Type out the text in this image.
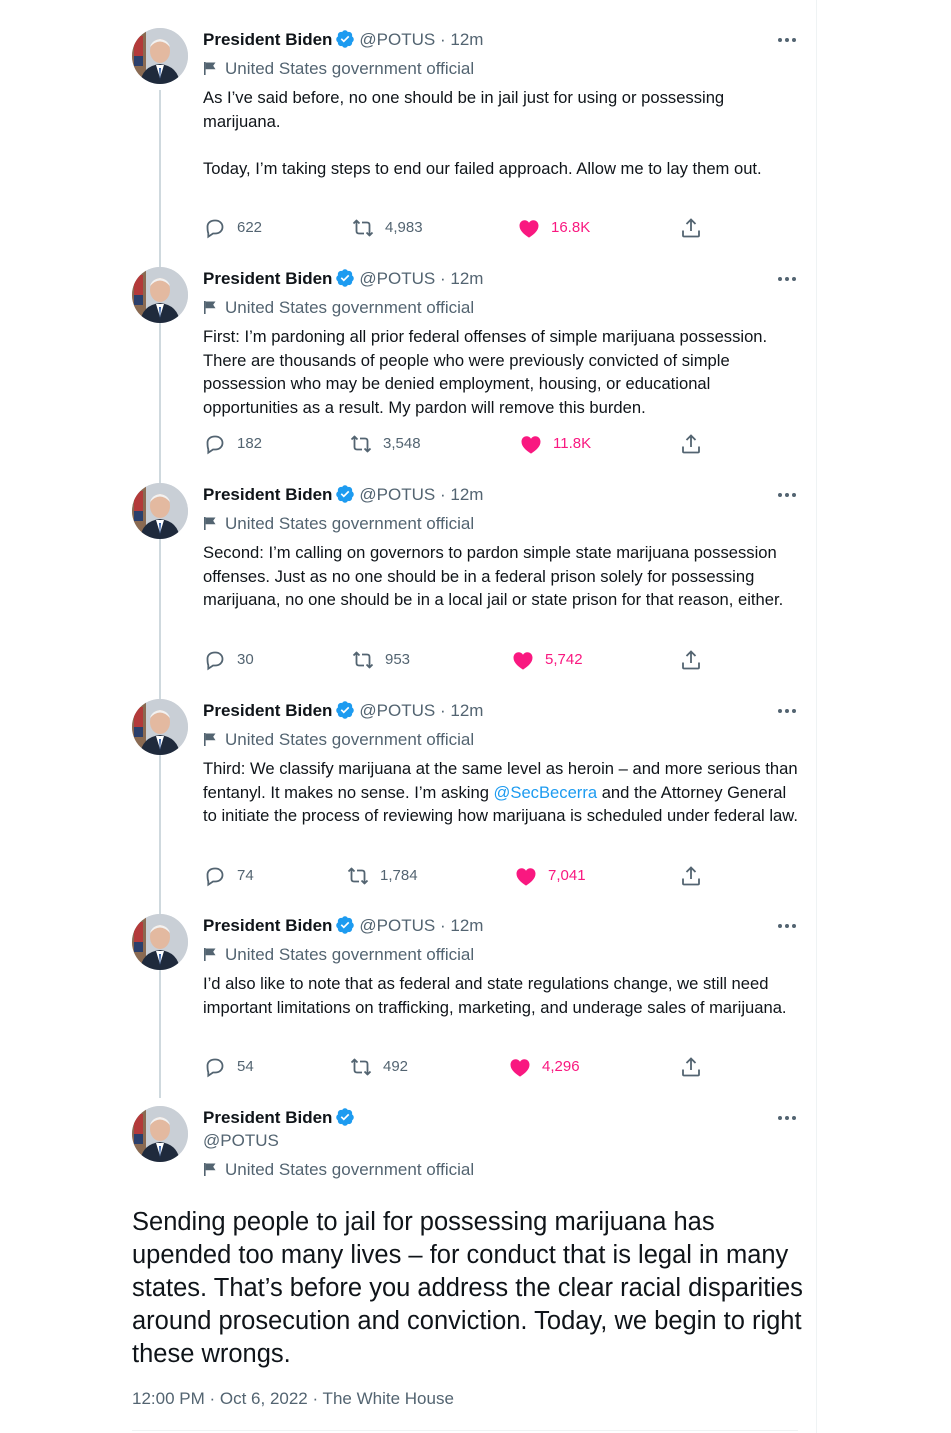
President Biden @POTUS · 12m
United States government official
As I’ve said before, no one should be in jail just for using or possessing marijuana.

Today, I’m taking steps to end our failed approach. Allow me to lay them out.
622	4,983	16.8K
President Biden @POTUS · 12m
United States government official
First: I’m pardoning all prior federal offenses of simple marijuana possession. There are thousands of people who were previously convicted of simple possession who may be denied employment, housing, or educational opportunities as a result. My pardon will remove this burden.
182	3,548	11.8K
President Biden @POTUS · 12m
United States government official
Second: I’m calling on governors to pardon simple state marijuana possession offenses. Just as no one should be in a federal prison solely for possessing marijuana, no one should be in a local jail or state prison for that reason, either.
30	953	5,742
President Biden @POTUS · 12m
United States government official
Third: We classify marijuana at the same level as heroin – and more serious than fentanyl. It makes no sense. I’m asking @SecBecerra and the Attorney General to initiate the process of reviewing how marijuana is scheduled under federal law.
74	1,784	7,041
President Biden @POTUS · 12m
United States government official
I’d also like to note that as federal and state regulations change, we still need important limitations on trafficking, marketing, and underage sales of marijuana.
54	492	4,296
President Biden
@POTUS
United States government official
Sending people to jail for possessing marijuana has upended too many lives – for conduct that is legal in many states. That’s before you address the clear racial disparities around prosecution and conviction. Today, we begin to right these wrongs.
12:00 PM · Oct 6, 2022 · The White House
